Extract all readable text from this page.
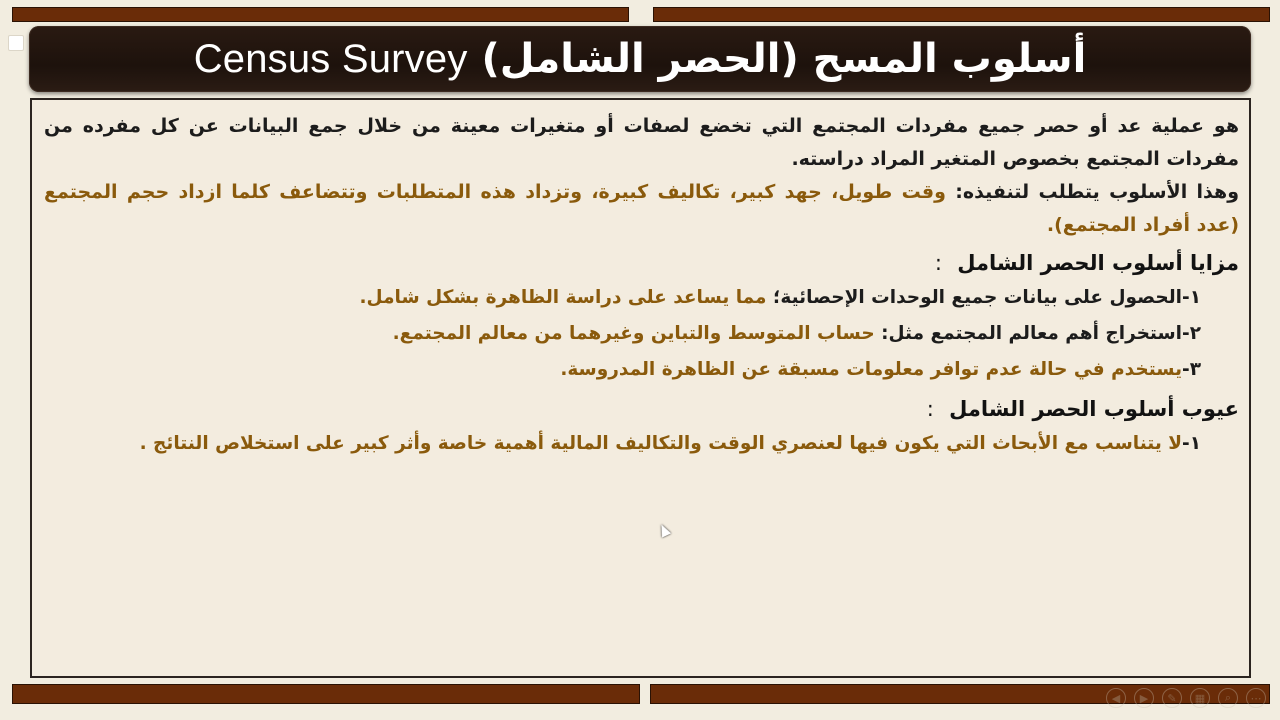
أسلوب المسح (الحصر الشامل) Census Survey

هو عملية عد أو حصر جميع مفردات المجتمع التي تخضع لصفات أو متغيرات معينة من خلال جمع البيانات عن كل مفرده من مفردات المجتمع بخصوص المتغير المراد دراسته.

وهذا الأسلوب يتطلب لتنفيذه: وقت طويل، جهد كبير، تكاليف كبيرة، وتزداد هذه المتطلبات وتتضاعف كلما ازداد حجم المجتمع (عدد أفراد المجتمع).

مزايا أسلوب الحصر الشامل :
١-الحصول على بيانات جميع الوحدات الإحصائية؛ مما يساعد على دراسة الظاهرة بشكل شامل.
٢-استخراج أهم معالم المجتمع مثل: حساب المتوسط والتباين وغيرهما من معالم المجتمع.
٣-يستخدم في حالة عدم توافر معلومات مسبقة عن الظاهرة المدروسة.
عيوب أسلوب الحصر الشامل :
١-لا يتناسب مع الأبحاث التي يكون فيها لعنصري الوقت والتكاليف المالية أهمية خاصة وأثر كبير على استخلاص النتائج .
◀	▶	✎	▦	⌕	⋯
